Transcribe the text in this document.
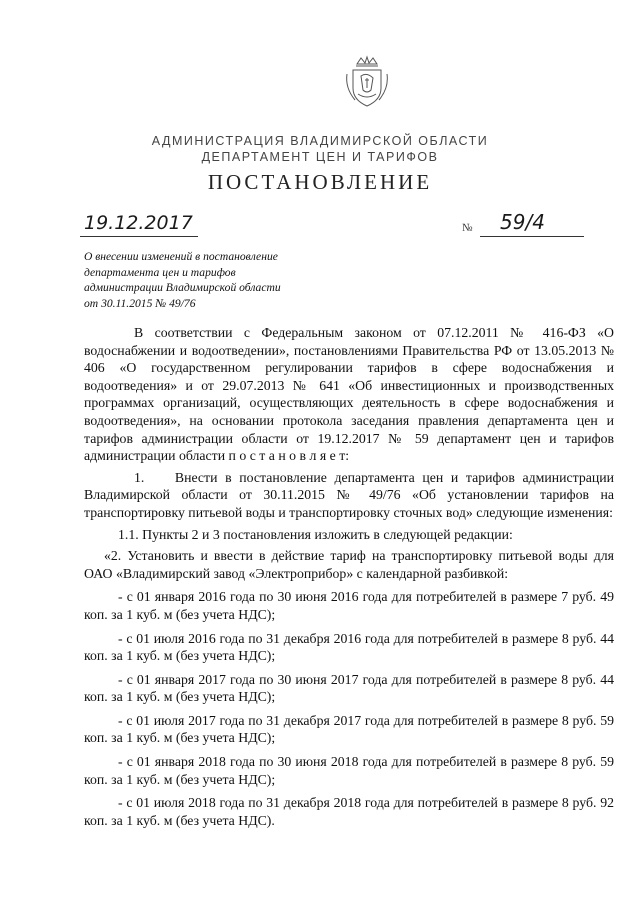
АДМИНИСТРАЦИЯ ВЛАДИМИРСКОЙ ОБЛАСТИ
ДЕПАРТАМЕНТ ЦЕН И ТАРИФОВ
ПОСТАНОВЛЕНИЕ
19.12.2017	№ 59/4
О внесении изменений в постановление
департамента цен и тарифов
администрации Владимирской области
от 30.11.2015 № 49/76
В соответствии с Федеральным законом от 07.12.2011 № 416-ФЗ «О водоснабжении и водоотведении», постановлениями Правительства РФ от 13.05.2013 № 406 «О государственном регулировании тарифов в сфере водоснабжения и водоотведения» и от 29.07.2013 № 641 «Об инвестиционных и производственных программах организаций, осуществляющих деятельность в сфере водоснабжения и водоотведения», на основании протокола заседания правления департамента цен и тарифов администрации области от 19.12.2017 № 59 департамент цен и тарифов администрации области п о с т а н о в л я е т:
1.    Внести в постановление департамента цен и тарифов администрации Владимирской области от 30.11.2015 № 49/76 «Об установлении тарифов на транспортировку питьевой воды и транспортировку сточных вод» следующие изменения:
1.1. Пункты 2 и 3 постановления изложить в следующей редакции:
«2. Установить и ввести в действие тариф на транспортировку питьевой воды для ОАО «Владимирский завод «Электроприбор» с календарной разбивкой:
- с 01 января 2016 года по 30 июня 2016 года для потребителей в размере 7 руб. 49 коп. за 1 куб. м (без учета НДС);
- с 01 июля 2016 года по 31 декабря 2016 года для потребителей в размере 8 руб. 44 коп. за 1 куб. м (без учета НДС);
- с 01 января 2017 года по 30 июня 2017 года для потребителей в размере 8 руб. 44 коп. за 1 куб. м (без учета НДС);
- с 01 июля 2017 года по 31 декабря 2017 года для потребителей в размере 8 руб. 59 коп. за 1 куб. м (без учета НДС);
- с 01 января 2018 года по 30 июня 2018 года для потребителей в размере 8 руб. 59 коп. за 1 куб. м (без учета НДС);
- с 01 июля 2018 года по 31 декабря 2018 года для потребителей в размере 8 руб. 92 коп. за 1 куб. м (без учета НДС).
